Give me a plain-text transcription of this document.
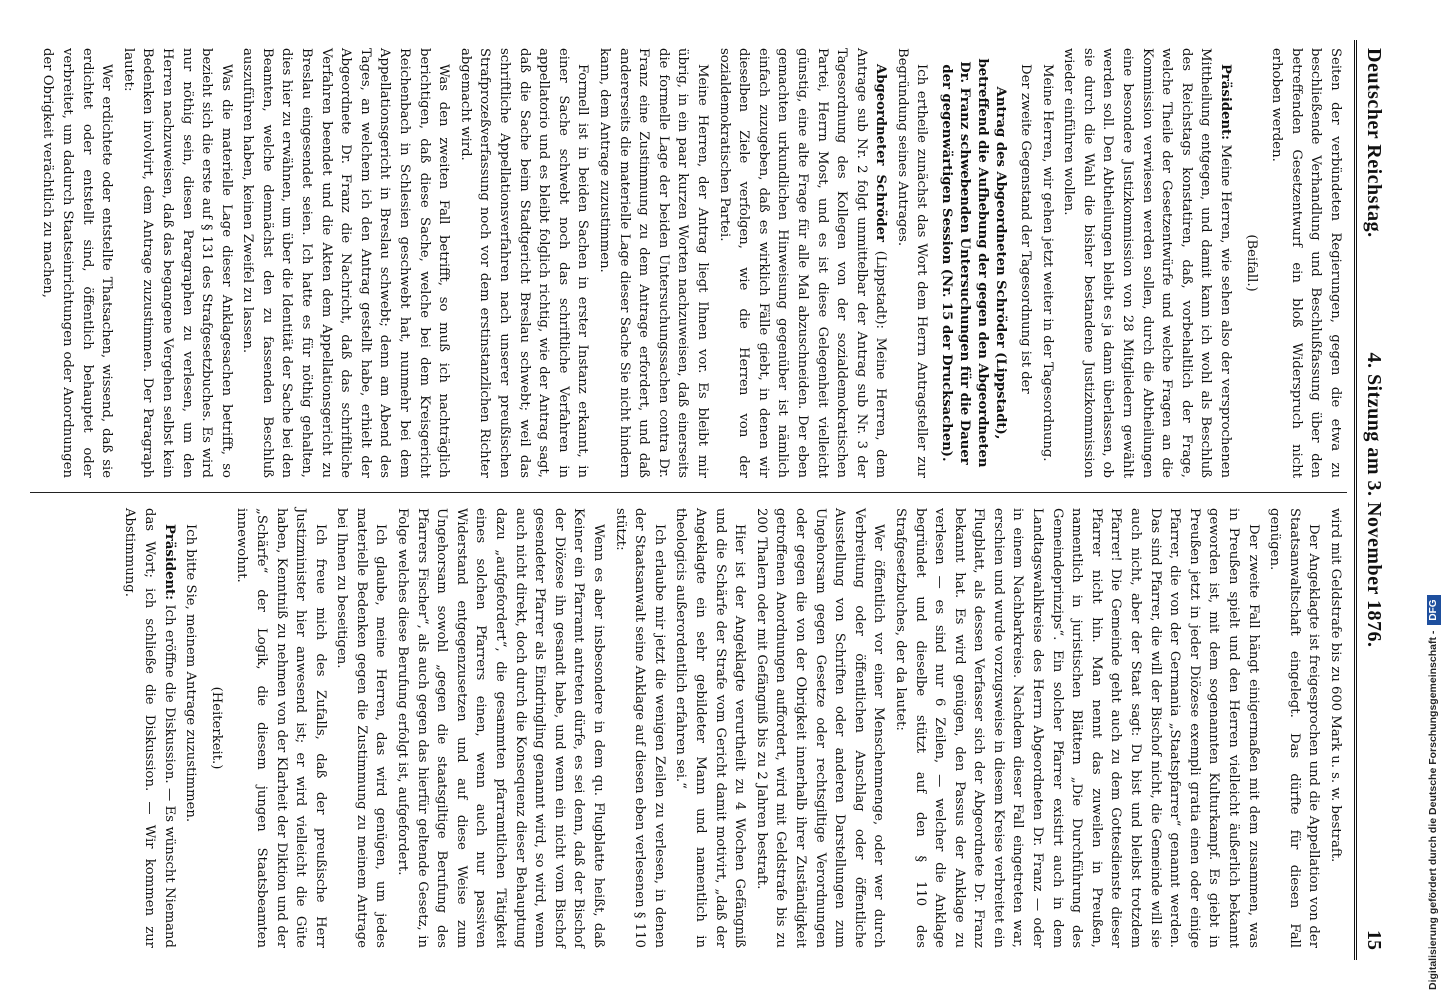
Deutscher Reichstag.
4. Sitzung am 3. November 1876.
15

Seiten der verbündeten Regierungen, gegen die etwa zu beschließende Verhandlung und Beschlußfassung über den betreffenden Gesetzentwurf ein bloß Widerspruch nicht erhoben werden.

(Beifall.)

Präsident: Meine Herren, wie sehen also der versprochenen Mittheilung entgegen, und damit kann ich wohl als Beschluß des Reichstags konstatiren, daß, vorbehaltlich der Frage, welche Theile der Gesetzentwürfe und welche Fragen an die Kommission verwiesen werden sollen, durch die Abtheilungen eine besondere Justizkommission von 28 Mitgliedern gewählt werden soll. Den Abtheilungen bleibt es ja dann überlassen, ob sie durch die Wahl die bisher bestandene Justizkommission wieder einführen wollen.

Meine Herren, wir gehen jetzt weiter in der Tagesordnung.

Der zweite Gegenstand der Tagesordnung ist der

Antrag des Abgeordneten Schröder (Lippstadt), betreffend die Aufhebung der gegen den Abgeordneten Dr. Franz schwebenden Untersuchungen für die Dauer der gegenwärtigen Session (Nr. 15 der Drucksachen).

Ich ertheile zunächst das Wort dem Herrn Antragsteller zur Begründung seines Antrages.

Abgeordneter Schröder (Lippstadt): Meine Herren, dem Antrage sub Nr. 2 folgt unmittelbar der Antrag sub Nr. 3 der Tagesordnung des Kollegen von der sozialdemokratischen Partei, Herrn Most, und es ist diese Gelegenheit vielleicht günstig, eine alte Frage für alle Mal abzuschneiden. Der eben gemachten urkundlichen Hinweisung gegenüber ist nämlich einfach zuzugeben, daß es wirklich Fälle giebt, in denen wir dieselben Ziele verfolgen, wie die Herren von der sozialdemokratischen Partei.

Meine Herren, der Antrag liegt Ihnen vor. Es bleibt mir übrig, in ein paar kurzen Worten nachzuweisen, daß einerseits die formelle Lage der beiden Untersuchungssachen contra Dr. Franz eine Zustimmung zu dem Antrage erfordert, und daß andererseits die materielle Lage dieser Sache Sie nicht hindern kann, dem Antrage zuzustimmen.

Formell ist in beiden Sachen in erster Instanz erkannt, in einer Sache schwebt noch das schriftliche Verfahren in appellatorio und es bleibt folglich richtig, wie der Antrag sagt, daß die Sache beim Stadtgericht Breslau schwebt; weil das schriftliche Appellationsverfahren nach unserer preußischen Strafprozeßverfassung noch vor dem erstinstanzlichen Richter abgemacht wird.

Was den zweiten Fall betrifft, so muß ich nachträglich berichtigen, daß diese Sache, welche bei dem Kreisgericht Reichenbach in Schlesien geschwebt hat, nunmehr bei dem Appellationsgericht in Breslau schwebt; denn am Abend des Tages, an welchem ich den Antrag gestellt habe, erhielt der Abgeordnete Dr. Franz die Nachricht, daß das schriftliche Verfahren beendet und die Akten dem Appellationsgericht zu Breslau eingesendet seien. Ich hatte es für nöthig gehalten, dies hier zu erwähnen, um über die Identität der Sache bei den Beamten, welche demnächst den zu fassenden Beschluß auszuführen haben, keinen Zweifel zu lassen.

Was die materielle Lage dieser Anklagesachen betrifft, so bezieht sich die erste auf § 131 des Strafgesetzbuches. Es wird nur nöthig sein, diesen Paragraphen zu verlesen, um den Herren nachzuweisen, daß das begangene Vergehen selbst kein Bedenken involvirt, dem Antrage zuzustimmen. Der Paragraph lautet:

Wer erdichtete oder entstellte Thatsachen, wissend, daß sie erdichtet oder entstellt sind, öffentlich behauptet oder verbreitet, um dadurch Staatseinrichtungen oder Anordnungen der Obrigkeit verächtlich zu machen,

wird mit Geldstrafe bis zu 600 Mark u. s. w. bestraft.

Der Angeklagte ist freigesprochen und die Appellation von der Staatsanwaltschaft eingelegt. Das dürfte für diesen Fall genügen.

Der zweite Fall hängt einigermaßen mit dem zusammen, was in Preußen spielt und den Herren vielleicht äußerlich bekannt geworden ist, mit dem sogenannten Kulturkampf. Es giebt in Preußen jetzt in jeder Diözese exempli gratia einen oder einige Pfarrer, die von der Germania „Staatspfarrer“ genannt werden. Das sind Pfarrer, die will der Bischof nicht, die Gemeinde will sie auch nicht, aber der Staat sagt: Du bist und bleibst trotzdem Pfarrer! Die Gemeinde geht auch zu dem Gottesdienste dieser Pfarrer nicht hin. Man nennt das zuweilen in Preußen, namentlich in juristischen Blättern „Die Durchführung des Gemeindeprinzips“. Ein solcher Pfarrer existirt auch in dem Landtagswahlkreise des Herrn Abgeordneten Dr. Franz — oder in einem Nachbarkreise. Nachdem dieser Fall eingetreten war, erschien und wurde vorzugsweise in diesem Kreise verbreitet ein Flugblatt, als dessen Verfasser sich der Abgeordnete Dr. Franz bekannt hat. Es wird genügen, den Passus der Anklage zu verlesen — es sind nur 6 Zeilen, — welcher die Anklage begründet und dieselbe stützt auf den § 110 des Strafgesetzbuches, der da lautet:

Wer öffentlich vor einer Menschenmenge, oder wer durch Verbreitung oder öffentlichen Anschlag oder öffentliche Ausstellung von Schriften oder anderen Darstellungen zum Ungehorsam gegen Gesetze oder rechtsgiltige Verordnungen oder gegen die von der Obrigkeit innerhalb ihrer Zuständigkeit getroffenen Anordnungen auffordert, wird mit Geldstrafe bis zu 200 Thalern oder mit Gefängniß bis zu 2 Jahren bestraft.

Hier ist der Angeklagte verurtheilt zu 4 Wochen Gefängniß und die Schärfe der Strafe vom Gericht damit motivirt, „daß der Angeklagte ein sehr gebildeter Mann und namentlich in theologicis außerordentlich erfahren sei.“

Ich erlaube mir jetzt die wenigen Zeilen zu verlesen, in denen der Staatsanwalt seine Anklage auf diesen eben verlesenen § 110 stützt:

Wenn es aber insbesondere in dem qu. Flugblatte heißt, daß Keiner ein Pfarramt antreten dürfe, es sei denn, daß der Bischof der Diözese ihn gesandt habe, und wenn ein nicht vom Bischof gesendeter Pfarrer als Eindringling genannt wird, so wird, wenn auch nicht direkt, doch durch die Konsequenz dieser Behauptung dazu „aufgefordert“, die gesammten pfarramtlichen Tätigkeit eines solchen Pfarrers einen, wenn auch nur passiven Widerstand entgegenzusetzen und auf diese Weise zum Ungehorsam sowohl „gegen die staatsgiltige Berufung des Pfarrers Fischer“, als auch gegen das hierfür geltende Gesetz, in Folge welches diese Berufung erfolgt ist, aufgefordert.

Ich glaube, meine Herren, das wird genügen, um jedes materielle Bedenken gegen die Zustimmung zu meinem Antrage bei Ihnen zu beseitigen.

Ich freue mich des Zufalls, daß der preußische Herr Justizminister hier anwesend ist; er wird vielleicht die Güte haben, Kenntniß zu nehmen von der Klarheit der Diktion und der „Schärfe“ der Logik, die diesem jungen Staatsbeamten innewohnt.

(Heiterkeit.)

Ich bitte Sie, meinem Antrage zuzustimmen.

Präsident: Ich eröffne die Diskussion. — Es wünscht Niemand das Wort; ich schließe die Diskussion. — Wir kommen zur Abstimmung.

Digitalisierung gefördert durch die Deutsche Forschungsgemeinschaft -DFG
